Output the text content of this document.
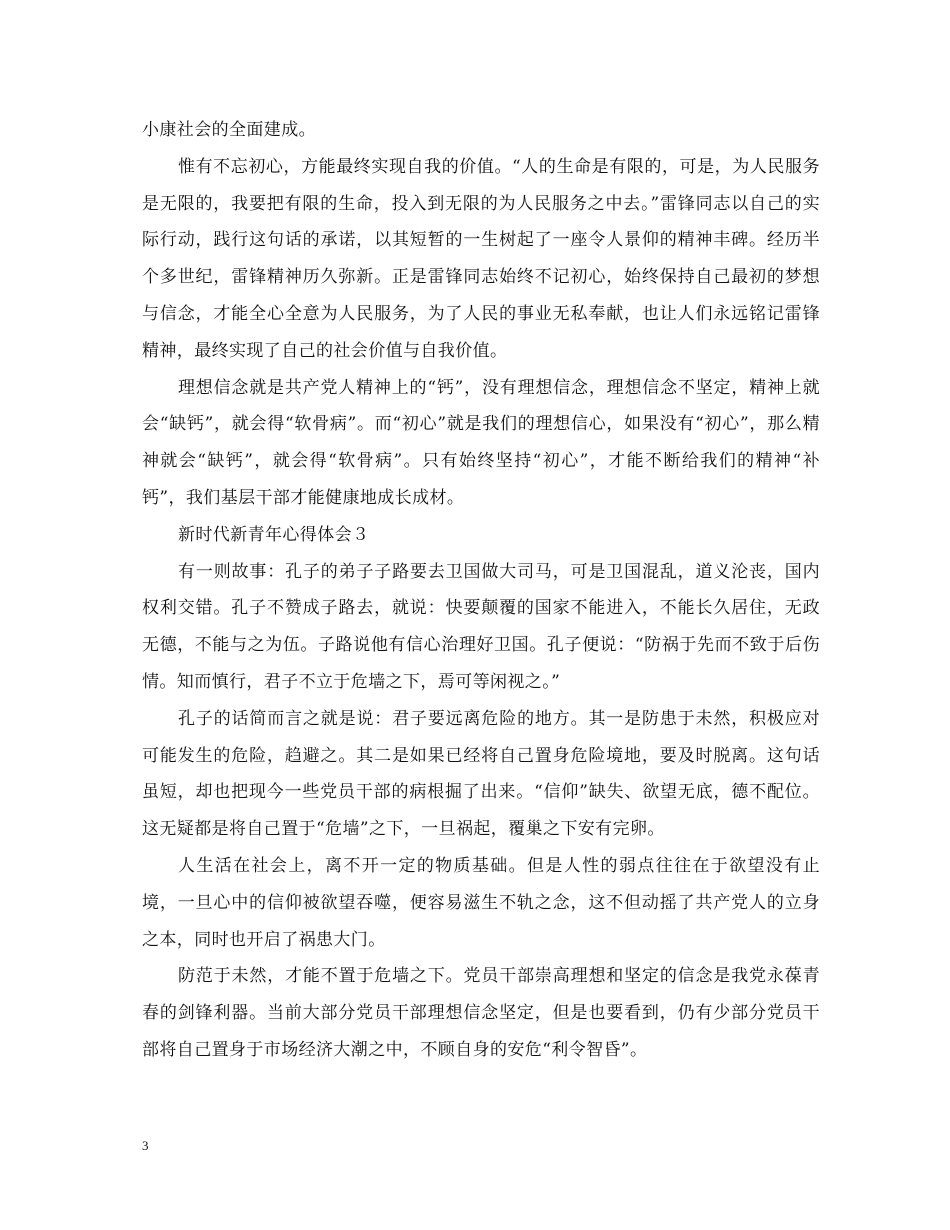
小康社会的全面建成。

惟有不忘初心，方能最终实现自我的价值。“人的生命是有限的，可是，为人民服务是无限的，我要把有限的生命，投入到无限的为人民服务之中去。”雷锋同志以自己的实际行动，践行这句话的承诺，以其短暂的一生树起了一座令人景仰的精神丰碑。经历半个多世纪，雷锋精神历久弥新。正是雷锋同志始终不记初心，始终保持自己最初的梦想与信念，才能全心全意为人民服务，为了人民的事业无私奉献，也让人们永远铭记雷锋精神，最终实现了自己的社会价值与自我价值。

理想信念就是共产党人精神上的“钙”，没有理想信念，理想信念不坚定，精神上就会“缺钙”，就会得“软骨病”。而“初心”就是我们的理想信心，如果没有“初心”，那么精神就会“缺钙”，就会得“软骨病”。只有始终坚持“初心”，才能不断给我们的精神“补钙”，我们基层干部才能健康地成长成材。

新时代新青年心得体会３

有一则故事：孔子的弟子子路要去卫国做大司马，可是卫国混乱，道义沦丧，国内权利交错。孔子不赞成子路去，就说：快要颠覆的国家不能进入，不能长久居住，无政无德，不能与之为伍。子路说他有信心治理好卫国。孔子便说：“防祸于先而不致于后伤情。知而慎行，君子不立于危墙之下，焉可等闲视之。”

孔子的话简而言之就是说：君子要远离危险的地方。其一是防患于未然，积极应对可能发生的危险，趋避之。其二是如果已经将自己置身危险境地，要及时脱离。这句话虽短，却也把现今一些党员干部的病根掘了出来。“信仰”缺失、欲望无底，德不配位。这无疑都是将自己置于“危墙”之下，一旦祸起，覆巢之下安有完卵。

人生活在社会上，离不开一定的物质基础。但是人性的弱点往往在于欲望没有止境，一旦心中的信仰被欲望吞噬，便容易滋生不轨之念，这不但动摇了共产党人的立身之本，同时也开启了祸患大门。

防范于未然，才能不置于危墙之下。党员干部崇高理想和坚定的信念是我党永葆青春的剑锋利器。当前大部分党员干部理想信念坚定，但是也要看到，仍有少部分党员干部将自己置身于市场经济大潮之中，不顾自身的安危“利令智昏”。

3
